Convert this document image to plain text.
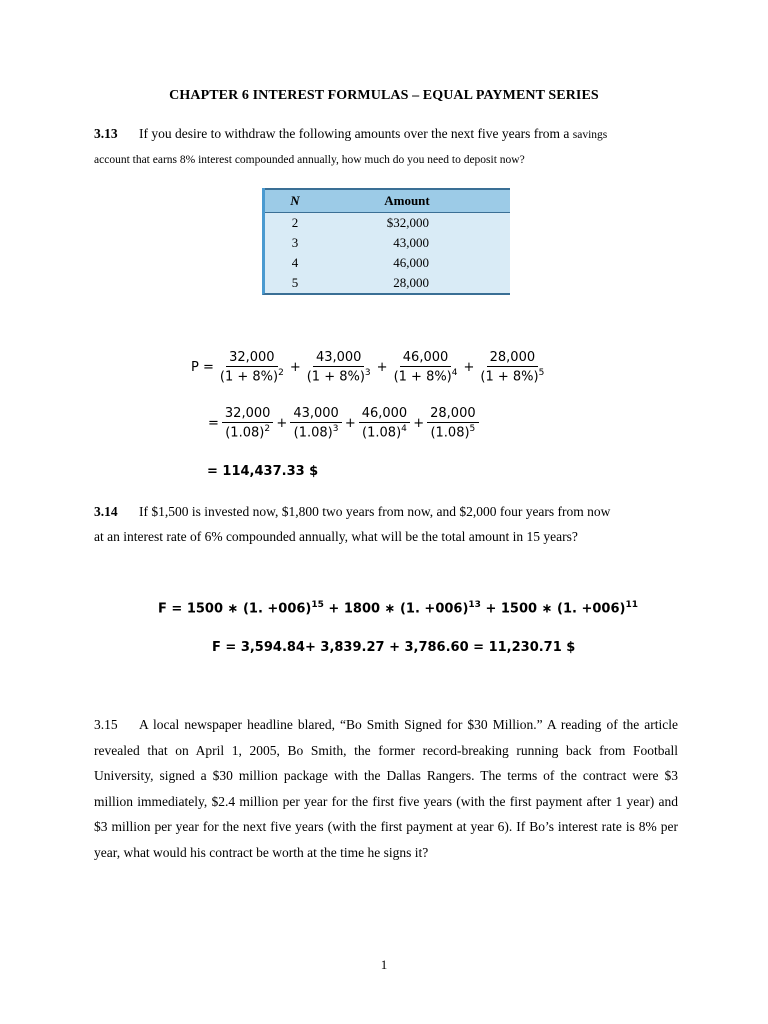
CHAPTER 6 INTEREST FORMULAS – EQUAL PAYMENT SERIES
3.13 If you desire to withdraw the following amounts over the next five years from a savings
account that earns 8% interest compounded annually, how much do you need to deposit now?
N	Amount
2	$32,000
3	43,000
4	46,000
5	28,000
$P = \frac{32,000}{(1 + 8\%)^2} + \frac{43,000}{(1 + 8\%)^3} + \frac{46,000}{(1 + 8\%)^4} + \frac{28,000}{(1 + 8\%)^5}$
= $\frac{32,000}{(1.08)^2} + \frac{43,000}{(1.08)^3} + \frac{46,000}{(1.08)^4} + \frac{28,000}{(1.08)^5}$
= 114,437.33 $
3.14 If $1,500 is invested now, $1,800 two years from now, and $2,000 four years from now
at an interest rate of 6% compounded annually, what will be the total amount in 15 years?
F = 1500 ∗ (1. +006)$^{15}$ + 1800 ∗ (1. +006)$^{13}$ + 1500 ∗ (1. +006)$^{11}$
F = 3,594.84+ 3,839.27 + 3,786.60 = 11,230.71 $
3.15 A local newspaper headline blared, “Bo Smith Signed for $30 Million.” A reading of the article revealed that on April 1, 2005, Bo Smith, the former record-breaking running back from Football University, signed a $30 million package with the Dallas Rangers. The terms of the contract were $3 million immediately, $2.4 million per year for the first five years (with the first payment after 1 year) and $3 million per year for the next five years (with the first payment at year 6). If Bo’s interest rate is 8% per year, what would his contract be worth at the time he signs it?
1
